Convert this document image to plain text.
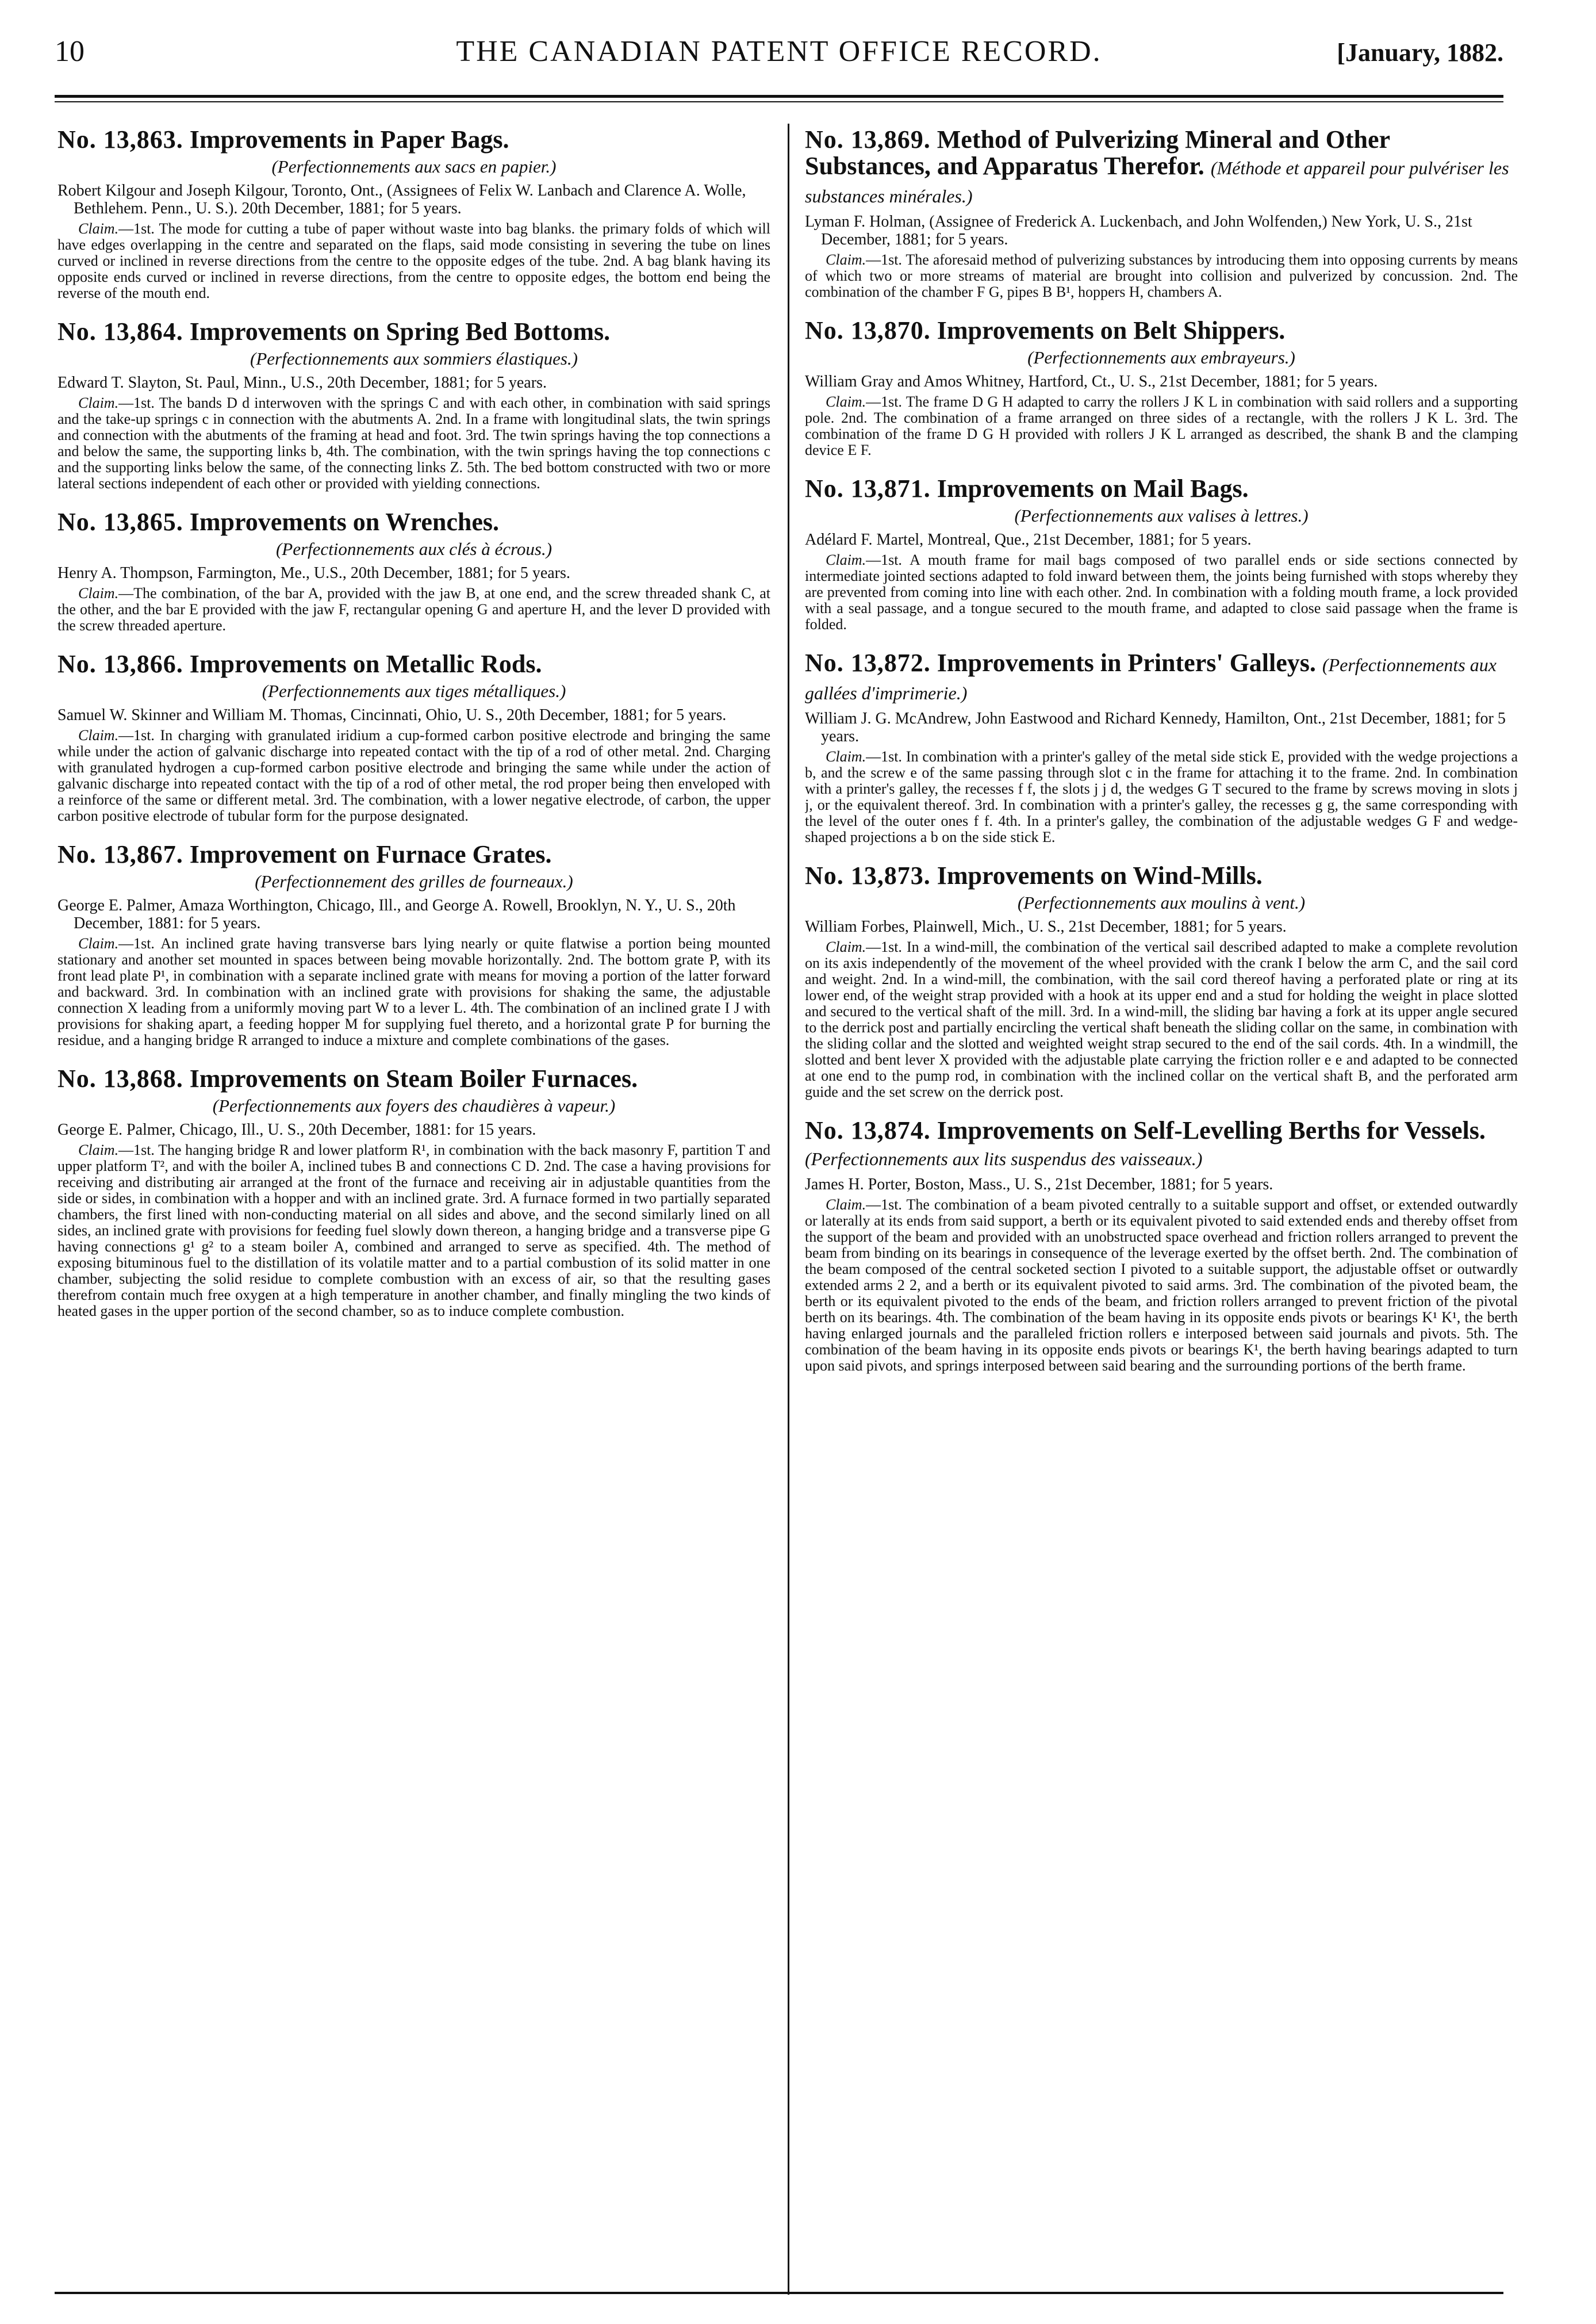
10	THE CANADIAN PATENT OFFICE RECORD.	[January, 1882.
No. 13,863. Improvements in Paper Bags.
(Perfectionnements aux sacs en papier.)

Robert Kilgour and Joseph Kilgour, Toronto, Ont., (Assignees of Felix W. Lanbach and Clarence A. Wolle, Bethlehem. Penn., U. S.). 20th December, 1881; for 5 years.

Claim.—1st. The mode for cutting a tube of paper without waste into bag blanks. the primary folds of which will have edges overlapping in the centre and separated on the flaps, said mode consisting in severing the tube on lines curved or inclined in reverse directions from the centre to the opposite edges of the tube. 2nd. A bag blank having its opposite ends curved or inclined in reverse directions, from the centre to opposite edges, the bottom end being the reverse of the mouth end.

No. 13,864. Improvements on Spring Bed Bottoms.
(Perfectionnements aux sommiers élastiques.)

Edward T. Slayton, St. Paul, Minn., U.S., 20th December, 1881; for 5 years.

Claim.—1st. The bands D d interwoven with the springs C and with each other, in combination with said springs and the take-up springs c in connection with the abutments A. 2nd. In a frame with longitudinal slats, the twin springs and connection with the abutments of the framing at head and foot. 3rd. The twin springs having the top connections a and below the same, the supporting links b, 4th. The combination, with the twin springs having the top connections c and the supporting links below the same, of the connecting links Z. 5th. The bed bottom constructed with two or more lateral sections independent of each other or provided with yielding connections.

No. 13,865. Improvements on Wrenches.
(Perfectionnements aux clés à écrous.)

Henry A. Thompson, Farmington, Me., U.S., 20th December, 1881; for 5 years.

Claim.—The combination, of the bar A, provided with the jaw B, at one end, and the screw threaded shank C, at the other, and the bar E provided with the jaw F, rectangular opening G and aperture H, and the lever D provided with the screw threaded aperture.

No. 13,866. Improvements on Metallic Rods.
(Perfectionnements aux tiges métalliques.)

Samuel W. Skinner and William M. Thomas, Cincinnati, Ohio, U. S., 20th December, 1881; for 5 years.

Claim.—1st. In charging with granulated iridium a cup-formed carbon positive electrode and bringing the same while under the action of galvanic discharge into repeated contact with the tip of a rod of other metal. 2nd. Charging with granulated hydrogen a cup-formed carbon positive electrode and bringing the same while under the action of galvanic discharge into repeated contact with the tip of a rod of other metal, the rod proper being then enveloped with a reinforce of the same or different metal. 3rd. The combination, with a lower negative electrode, of carbon, the upper carbon positive electrode of tubular form for the purpose designated.

No. 13,867. Improvement on Furnace Grates.
(Perfectionnement des grilles de fourneaux.)

George E. Palmer, Amaza Worthington, Chicago, Ill., and George A. Rowell, Brooklyn, N. Y., U. S., 20th December, 1881: for 5 years.

Claim.—1st. An inclined grate having transverse bars lying nearly or quite flatwise a portion being mounted stationary and another set mounted in spaces between being movable horizontally. 2nd. The bottom grate P, with its front lead plate P¹, in combination with a separate inclined grate with means for moving a portion of the latter forward and backward. 3rd. In combination with an inclined grate with provisions for shaking the same, the adjustable connection X leading from a uniformly moving part W to a lever L. 4th. The combination of an inclined grate I J with provisions for shaking apart, a feeding hopper M for supplying fuel thereto, and a horizontal grate P for burning the residue, and a hanging bridge R arranged to induce a mixture and complete combinations of the gases.

No. 13,868. Improvements on Steam Boiler Furnaces.
(Perfectionnements aux foyers des chaudières à vapeur.)

George E. Palmer, Chicago, Ill., U. S., 20th December, 1881: for 15 years.

Claim.—1st. The hanging bridge R and lower platform R¹, in combination with the back masonry F, partition T and upper platform T², and with the boiler A, inclined tubes B and connections C D. 2nd. The case a having provisions for receiving and distributing air arranged at the front of the furnace and receiving air in adjustable quantities from the side or sides, in combination with a hopper and with an inclined grate. 3rd. A furnace formed in two partially separated chambers, the first lined with non-conducting material on all sides and above, and the second similarly lined on all sides, an inclined grate with provisions for feeding fuel slowly down thereon, a hanging bridge and a transverse pipe G having connections g¹ g² to a steam boiler A, combined and arranged to serve as specified. 4th. The method of exposing bituminous fuel to the distillation of its volatile matter and to a partial combustion of its solid matter in one chamber, subjecting the solid residue to complete combustion with an excess of air, so that the resulting gases therefrom contain much free oxygen at a high temperature in another chamber, and finally mingling the two kinds of heated gases in the upper portion of the second chamber, so as to induce complete combustion.

No. 13,869. Method of Pulverizing Mineral and Other Substances, and Apparatus Therefor. (Méthode et appareil pour pulvériser les substances minérales.)

Lyman F. Holman, (Assignee of Frederick A. Luckenbach, and John Wolfenden,) New York, U. S., 21st December, 1881; for 5 years.

Claim.—1st. The aforesaid method of pulverizing substances by introducing them into opposing currents by means of which two or more streams of material are brought into collision and pulverized by concussion. 2nd. The combination of the chamber F G, pipes B B¹, hoppers H, chambers A.

No. 13,870. Improvements on Belt Shippers.
(Perfectionnements aux embrayeurs.)

William Gray and Amos Whitney, Hartford, Ct., U. S., 21st December, 1881; for 5 years.

Claim.—1st. The frame D G H adapted to carry the rollers J K L in combination with said rollers and a supporting pole. 2nd. The combination of a frame arranged on three sides of a rectangle, with the rollers J K L. 3rd. The combination of the frame D G H provided with rollers J K L arranged as described, the shank B and the clamping device E F.

No. 13,871. Improvements on Mail Bags.
(Perfectionnements aux valises à lettres.)

Adélard F. Martel, Montreal, Que., 21st December, 1881; for 5 years.

Claim.—1st. A mouth frame for mail bags composed of two parallel ends or side sections connected by intermediate jointed sections adapted to fold inward between them, the joints being furnished with stops whereby they are prevented from coming into line with each other. 2nd. In combination with a folding mouth frame, a lock provided with a seal passage, and a tongue secured to the mouth frame, and adapted to close said passage when the frame is folded.

No. 13,872. Improvements in Printers' Galleys. (Perfectionnements aux gallées d'imprimerie.)

William J. G. McAndrew, John Eastwood and Richard Kennedy, Hamilton, Ont., 21st December, 1881; for 5 years.

Claim.—1st. In combination with a printer's galley of the metal side stick E, provided with the wedge projections a b, and the screw e of the same passing through slot c in the frame for attaching it to the frame. 2nd. In combination with a printer's galley, the recesses f f, the slots j j d, the wedges G T secured to the frame by screws moving in slots j j, or the equivalent thereof. 3rd. In combination with a printer's galley, the recesses g g, the same corresponding with the level of the outer ones f f. 4th. In a printer's galley, the combination of the adjustable wedges G F and wedge-shaped projections a b on the side stick E.

No. 13,873. Improvements on Wind-Mills.
(Perfectionnements aux moulins à vent.)

William Forbes, Plainwell, Mich., U. S., 21st December, 1881; for 5 years.

Claim.—1st. In a wind-mill, the combination of the vertical sail described adapted to make a complete revolution on its axis independently of the movement of the wheel provided with the crank I below the arm C, and the sail cord and weight. 2nd. In a wind-mill, the combination, with the sail cord thereof having a perforated plate or ring at its lower end, of the weight strap provided with a hook at its upper end and a stud for holding the weight in place slotted and secured to the vertical shaft of the mill. 3rd. In a wind-mill, the sliding bar having a fork at its upper angle secured to the derrick post and partially encircling the vertical shaft beneath the sliding collar on the same, in combination with the sliding collar and the slotted and weighted weight strap secured to the end of the sail cords. 4th. In a windmill, the slotted and bent lever X provided with the adjustable plate carrying the friction roller e e and adapted to be connected at one end to the pump rod, in combination with the inclined collar on the vertical shaft B, and the perforated arm guide and the set screw on the derrick post.

No. 13,874. Improvements on Self-Levelling Berths for Vessels. (Perfectionnements aux lits suspendus des vaisseaux.)

James H. Porter, Boston, Mass., U. S., 21st December, 1881; for 5 years.

Claim.—1st. The combination of a beam pivoted centrally to a suitable support and offset, or extended outwardly or laterally at its ends from said support, a berth or its equivalent pivoted to said extended ends and thereby offset from the support of the beam and provided with an unobstructed space overhead and friction rollers arranged to prevent the beam from binding on its bearings in consequence of the leverage exerted by the offset berth. 2nd. The combination of the beam composed of the central socketed section I pivoted to a suitable support, the adjustable offset or outwardly extended arms 2 2, and a berth or its equivalent pivoted to said arms. 3rd. The combination of the pivoted beam, the berth or its equivalent pivoted to the ends of the beam, and friction rollers arranged to prevent friction of the pivotal berth on its bearings. 4th. The combination of the beam having in its opposite ends pivots or bearings K¹ K¹, the berth having enlarged journals and the paralleled friction rollers e interposed between said journals and pivots. 5th. The combination of the beam having in its opposite ends pivots or bearings K¹, the berth having bearings adapted to turn upon said pivots, and springs interposed between said bearing and the surrounding portions of the berth frame.
